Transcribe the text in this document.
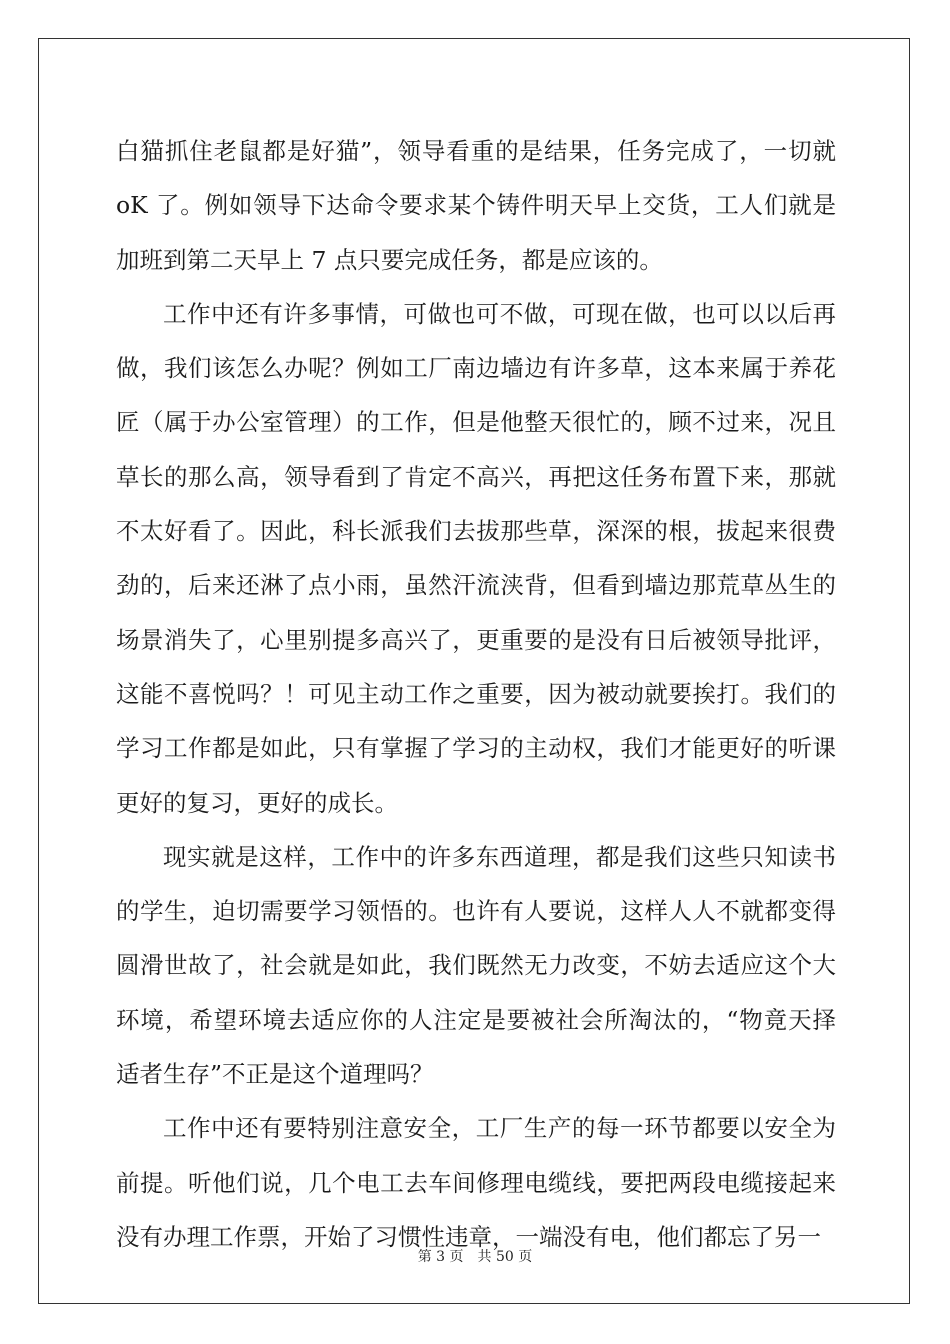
白猫抓住老鼠都是好猫”，领导看重的是结果，任务完成了，一切就
oK 了。例如领导下达命令要求某个铸件明天早上交货，工人们就是
加班到第二天早上 7 点只要完成任务，都是应该的。
工作中还有许多事情，可做也可不做，可现在做，也可以以后再
做，我们该怎么办呢？例如工厂南边墙边有许多草，这本来属于养花
匠（属于办公室管理）的工作，但是他整天很忙的，顾不过来，况且
草长的那么高，领导看到了肯定不高兴，再把这任务布置下来，那就
不太好看了。因此，科长派我们去拔那些草，深深的根，拔起来很费
劲的，后来还淋了点小雨，虽然汗流浃背，但看到墙边那荒草丛生的
场景消失了，心里别提多高兴了，更重要的是没有日后被领导批评，
这能不喜悦吗？！可见主动工作之重要，因为被动就要挨打。我们的
学习工作都是如此，只有掌握了学习的主动权，我们才能更好的听课
更好的复习，更好的成长。
现实就是这样，工作中的许多东西道理，都是我们这些只知读书
的学生，迫切需要学习领悟的。也许有人要说，这样人人不就都变得
圆滑世故了，社会就是如此，我们既然无力改变，不妨去适应这个大
环境，希望环境去适应你的人注定是要被社会所淘汰的，“物竟天择
适者生存”不正是这个道理吗？
工作中还有要特别注意安全，工厂生产的每一环节都要以安全为
前提。听他们说，几个电工去车间修理电缆线，要把两段电缆接起来
没有办理工作票，开始了习惯性违章，一端没有电，他们都忘了另一
第 3 页 共 50 页
